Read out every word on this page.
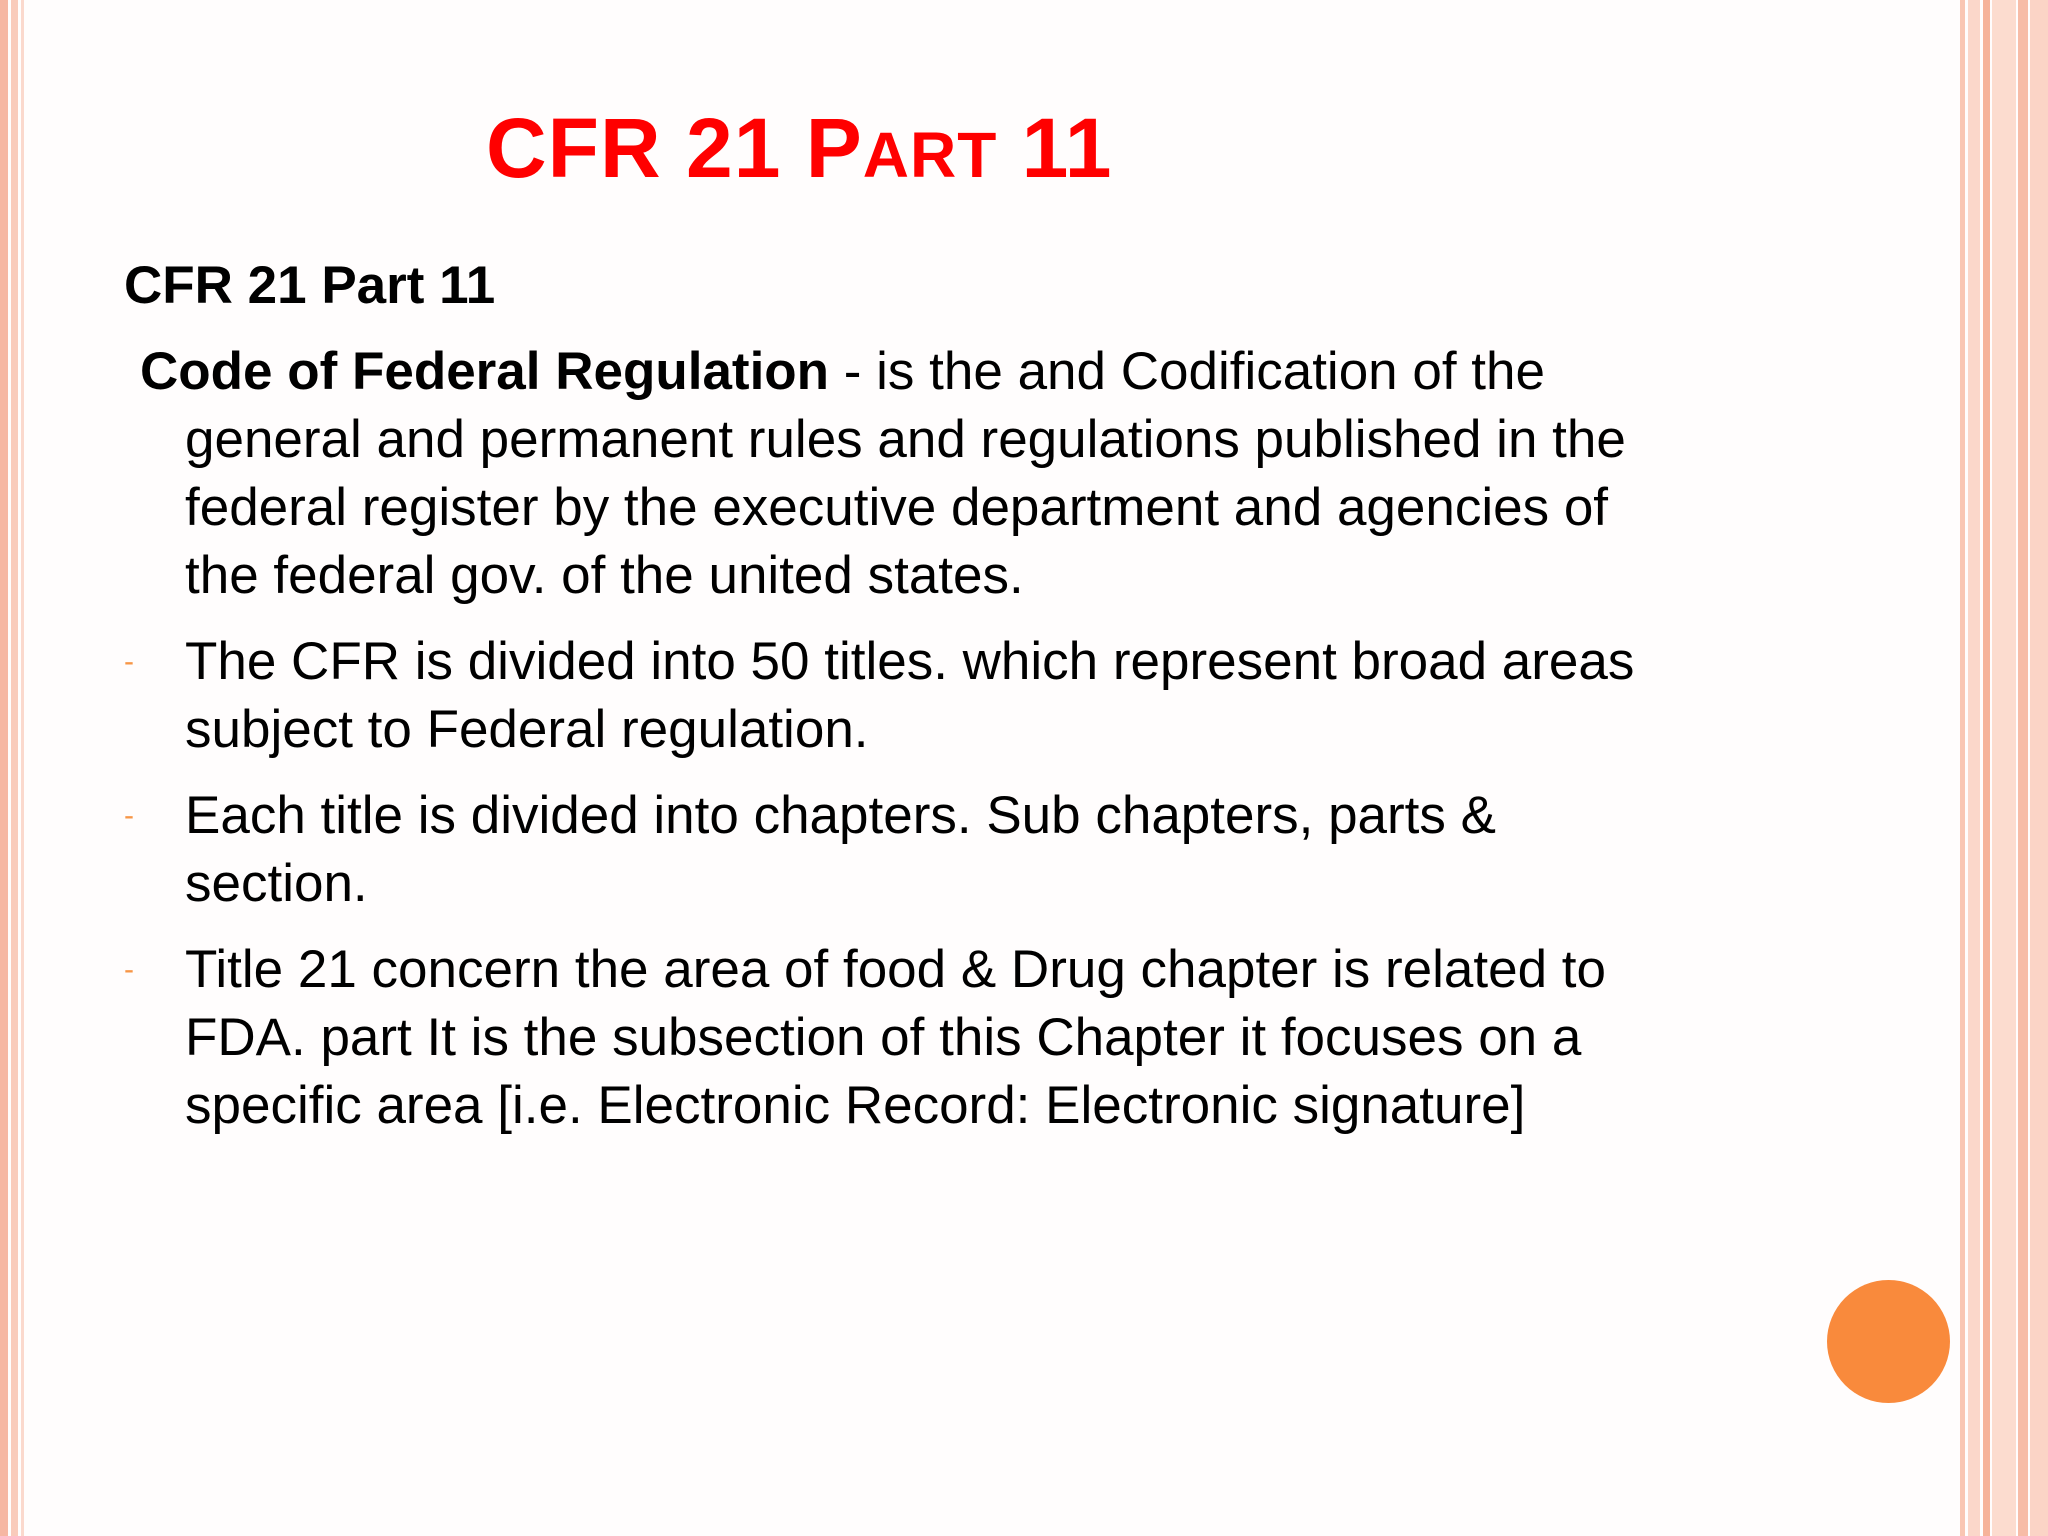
CFR 21 PART 11

CFR 21 Part 11

Code of Federal Regulation - is the and Codification of the
general and permanent rules and regulations published in the
federal register by the executive department and agencies of
the federal gov. of the united states.

- The CFR is divided into 50 titles. which represent broad areas
subject to Federal regulation.
- Each title is divided into chapters. Sub chapters, parts &
section.
- Title 21 concern the area of food & Drug chapter is related to
FDA. part It is the subsection of this Chapter it focuses on a
specific area [i.e. Electronic Record: Electronic signature]
